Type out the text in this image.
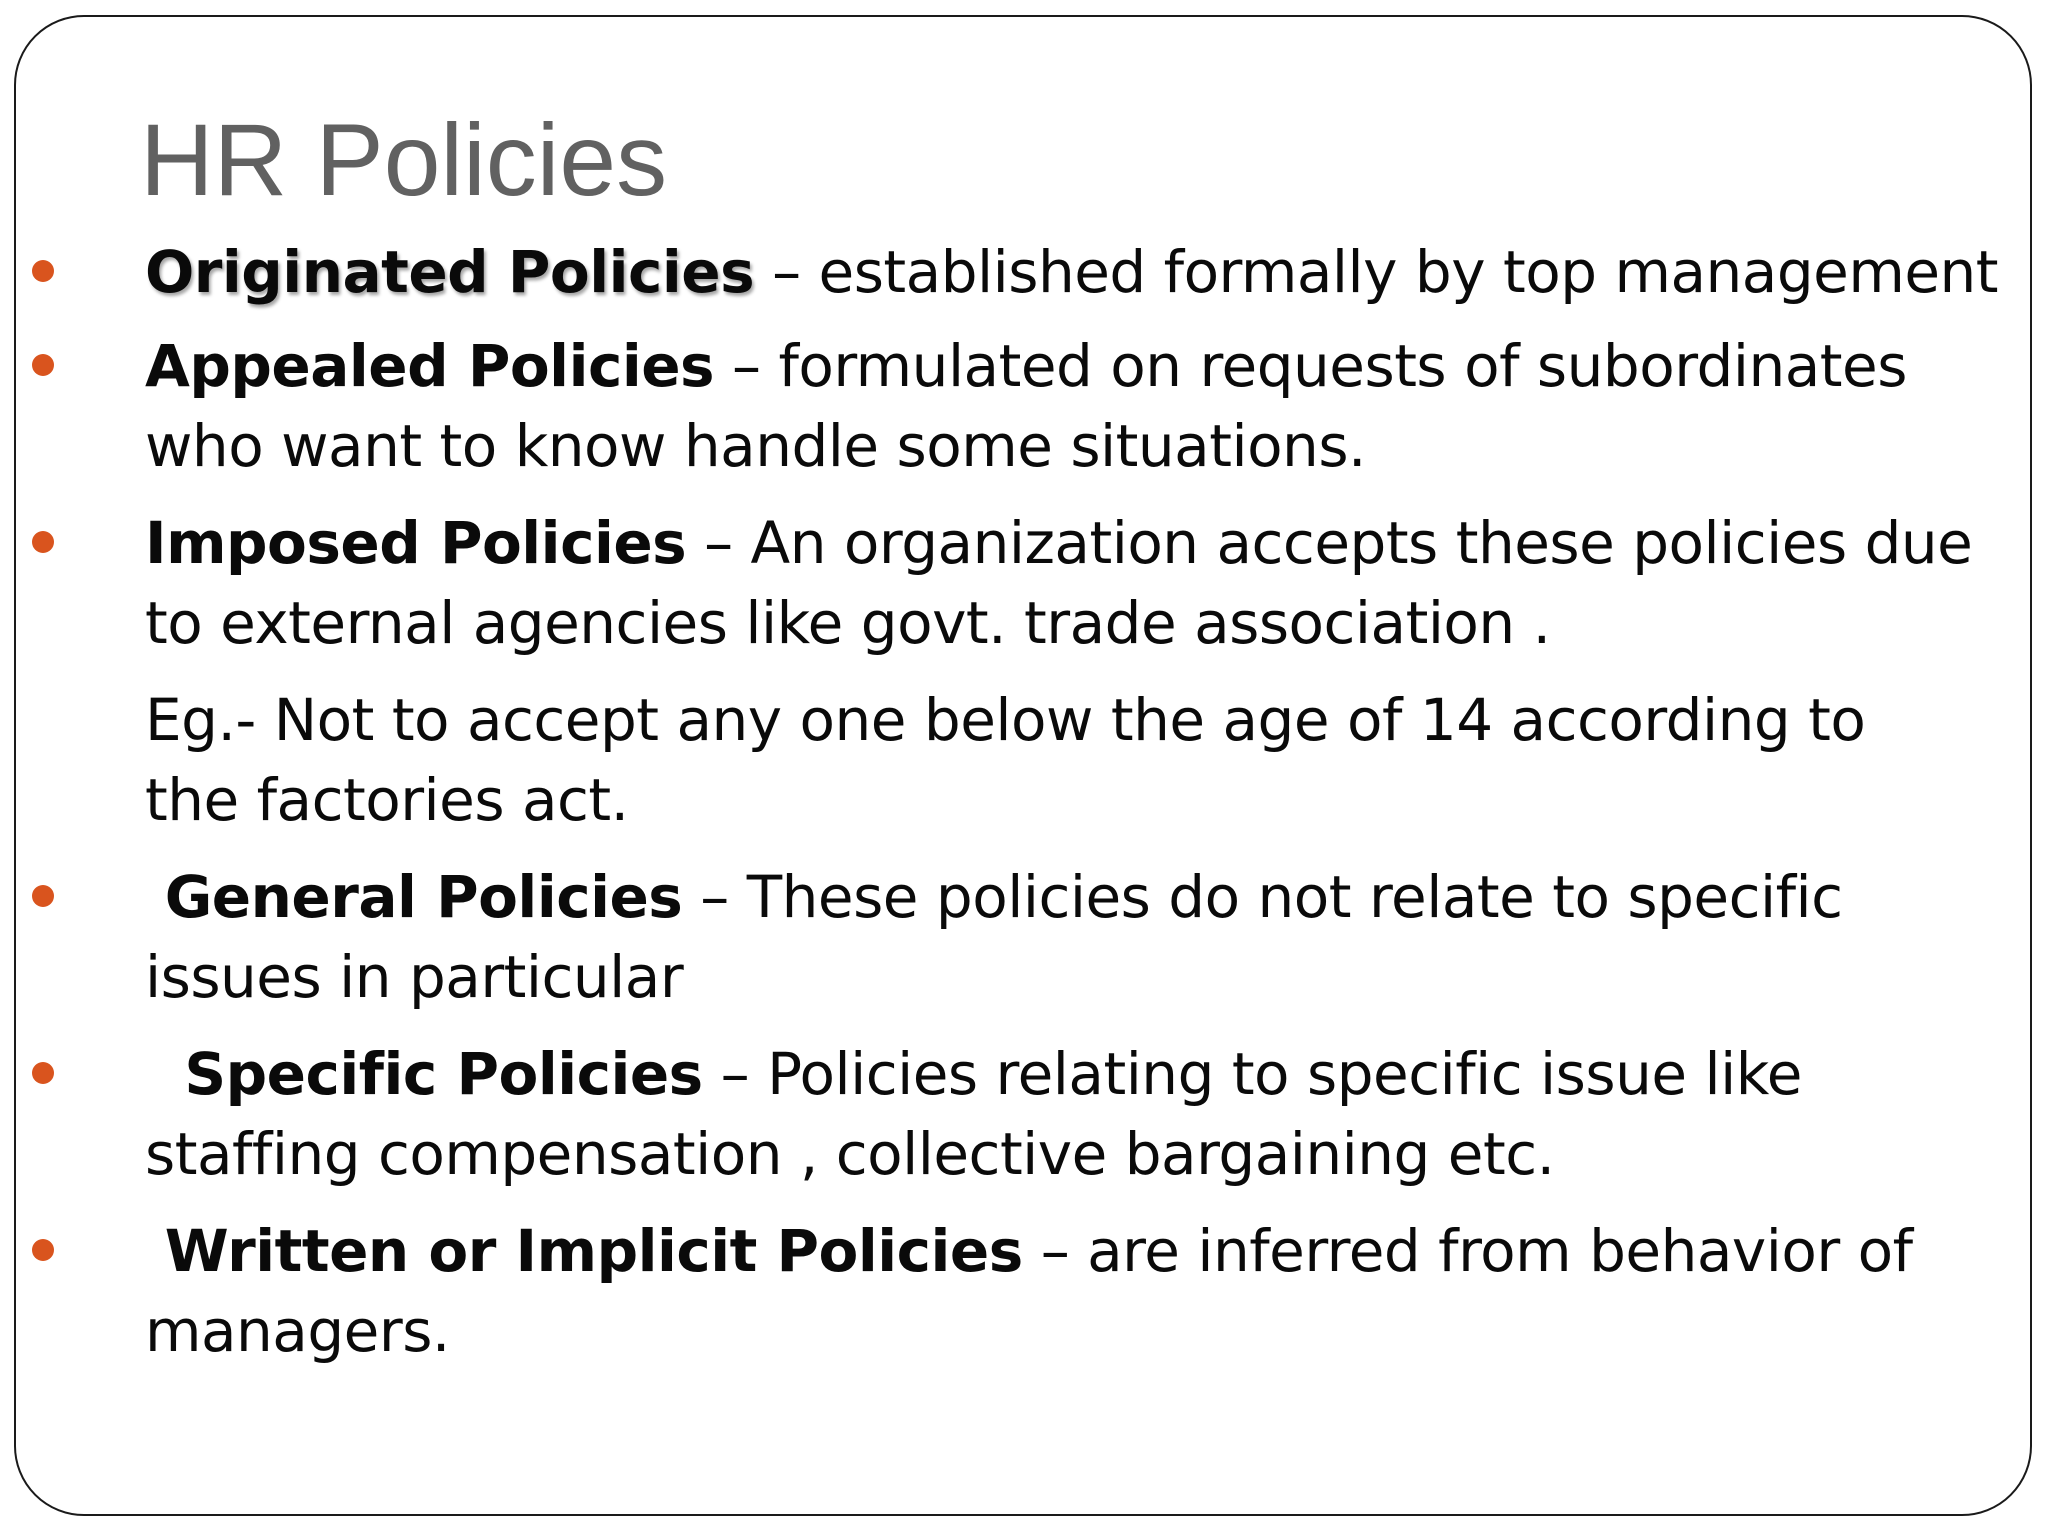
HR Policies
Originated Policies – established formally by top management
Appealed Policies – formulated on requests of subordinates
who want to know handle some situations.
Imposed Policies – An organization accepts these policies due
to external agencies like govt. trade association .
Eg.- Not to accept any one below the age of 14 according to
the factories act.
General Policies – These policies do not relate to specific
issues in particular
Specific Policies – Policies relating to specific issue like
staffing compensation , collective bargaining etc.
Written or Implicit Policies – are inferred from behavior of
managers.
